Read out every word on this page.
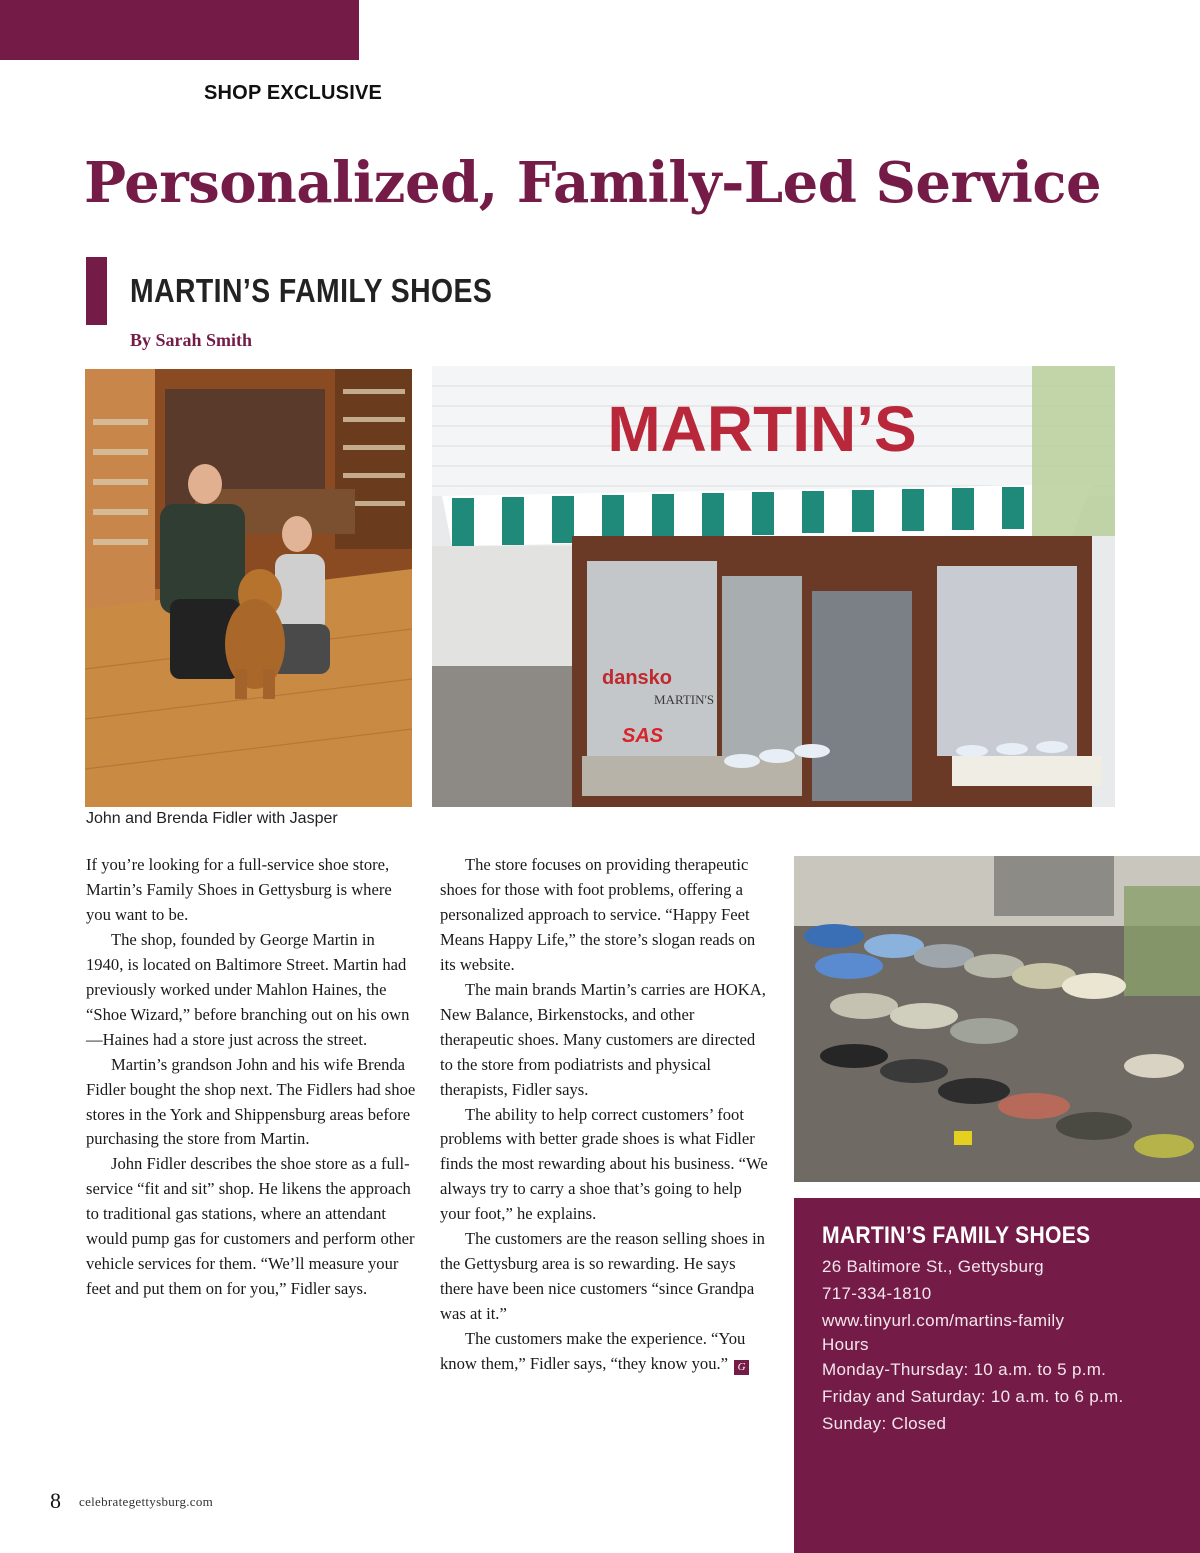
SHOP EXCLUSIVE
Personalized, Family-Led Service
MARTIN’S FAMILY SHOES
By Sarah Smith
MARTIN’S
dansko
MARTIN'S
SAS
John and Brenda Fidler with Jasper

If you’re looking for a full-service shoe store, Martin’s Family Shoes in Gettysburg is where you want to be.

The shop, founded by George Martin in 1940, is located on Baltimore Street. Martin had previously worked under Mahlon Haines, the “Shoe Wizard,” before branching out on his own—Haines had a store just across the street.

Martin’s grandson John and his wife Brenda Fidler bought the shop next. The Fidlers had shoe stores in the York and Shippensburg areas before purchasing the store from Martin.

John Fidler describes the shoe store as a full-service “fit and sit” shop. He likens the approach to traditional gas stations, where an attendant would pump gas for customers and perform other vehicle services for them. “We’ll measure your feet and put them on for you,” Fidler says.

The store focuses on providing therapeutic shoes for those with foot problems, offering a personalized approach to service. “Happy Feet Means Happy Life,” the store’s slogan reads on its website.

The main brands Martin’s carries are HOKA, New Balance, Birkenstocks, and other therapeutic shoes. Many customers are directed to the store from podiatrists and physical therapists, Fidler says.

The ability to help correct customers’ foot problems with better grade shoes is what Fidler finds the most rewarding about his business. “We always try to carry a shoe that’s going to help your foot,” he explains.

The customers are the reason selling shoes in the Gettysburg area is so rewarding. He says there have been nice customers “since Grandpa was at it.”

The customers make the experience. “You know them,” Fidler says, “they know you.” G

MARTIN’S FAMILY SHOES
26 Baltimore St., Gettysburg
717-334-1810
www.tinyurl.com/martins-family
Hours
Monday-Thursday: 10 a.m. to 5 p.m.
Friday and Saturday: 10 a.m. to 6 p.m.
Sunday: Closed
8 celebrategettysburg.com
